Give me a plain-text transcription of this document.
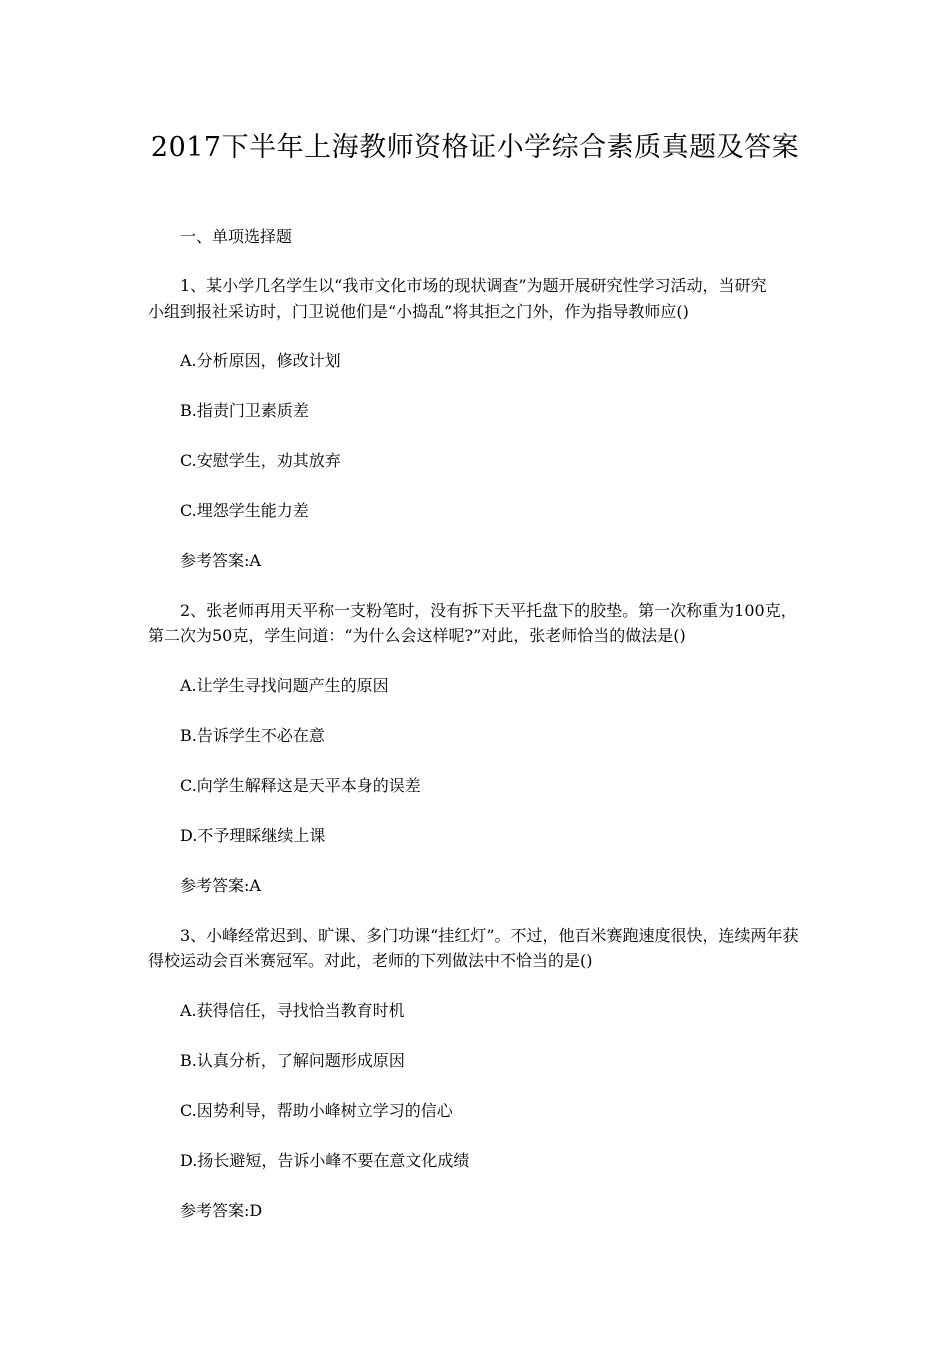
2017下半年上海教师资格证小学综合素质真题及答案
一、单项选择题
1、某小学几名学生以“我市文化市场的现状调查”为题开展研究性学习活动，当研究
小组到报社采访时，门卫说他们是“小捣乱”将其拒之门外，作为指导教师应()
A.分析原因，修改计划
B.指责门卫素质差
C.安慰学生，劝其放弃
C.埋怨学生能力差
参考答案:A
2、张老师再用天平称一支粉笔时，没有拆下天平托盘下的胶垫。第一次称重为100克，
第二次为50克，学生问道：“为什么会这样呢?”对此，张老师恰当的做法是()
A.让学生寻找问题产生的原因
B.告诉学生不必在意
C.向学生解释这是天平本身的误差
D.不予理睬继续上课
参考答案:A
3、小峰经常迟到、旷课、多门功课“挂红灯”。不过，他百米赛跑速度很快，连续两年获
得校运动会百米赛冠军。对此，老师的下列做法中不恰当的是()
A.获得信任，寻找恰当教育时机
B.认真分析，了解问题形成原因
C.因势利导，帮助小峰树立学习的信心
D.扬长避短，告诉小峰不要在意文化成绩
参考答案:D
